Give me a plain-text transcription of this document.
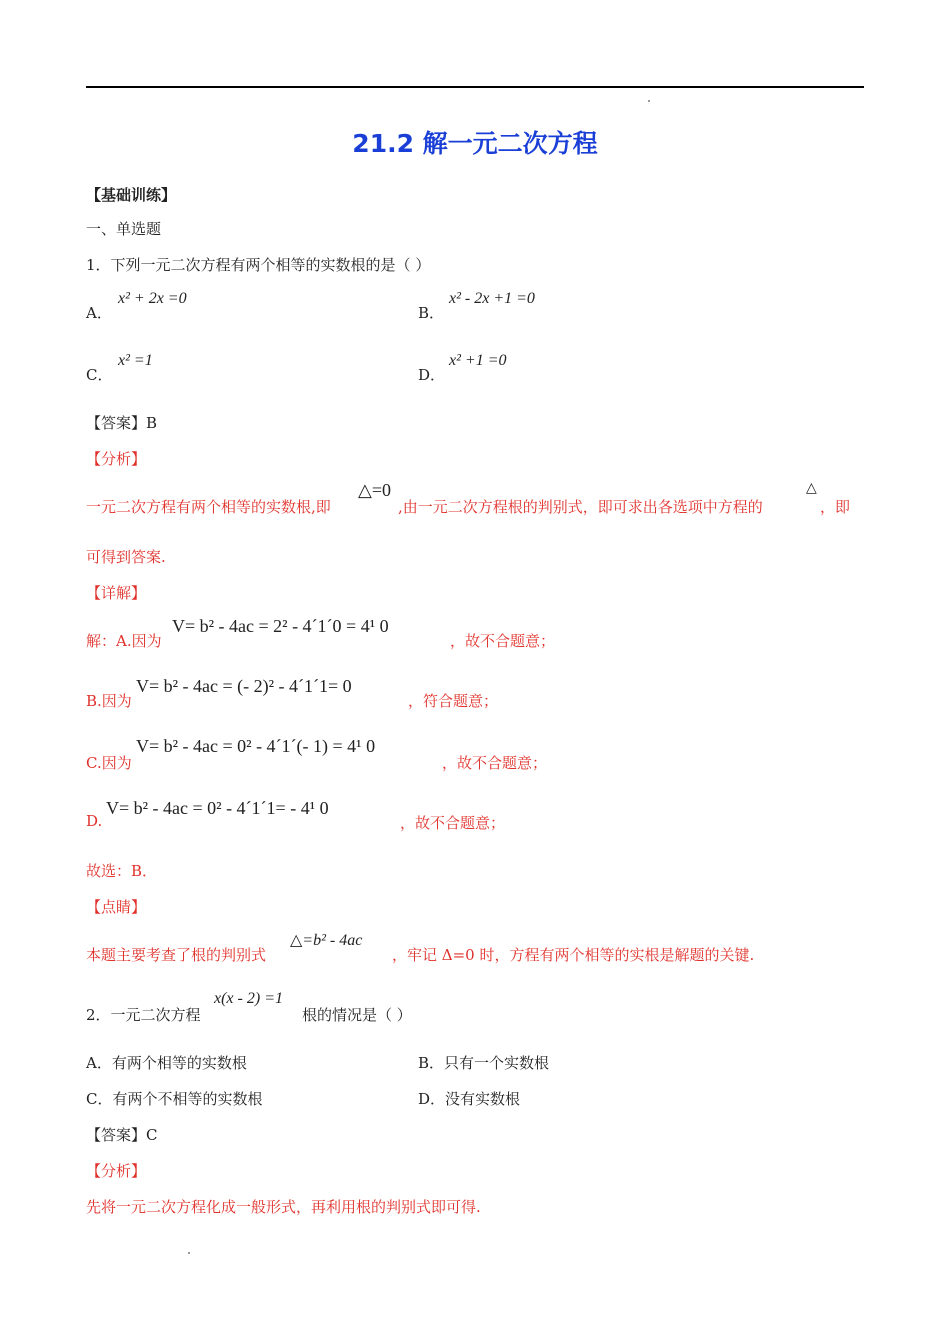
21.2 解一元二次方程
【基础训练】
一、单选题
1．下列一元二次方程有两个相等的实数根的是（ ）
A．
x² + 2x =0
B．
x² - 2x +1 =0
C．
x² =1
D．
x² +1 =0
【答案】B
【分析】
一元二次方程有两个相等的实数根,即
△=0
,由一元二次方程根的判别式，即可求出各选项中方程的
△
，即
可得到答案.
【详解】
解：A.因为
V= b² - 4ac = 2² - 4´1´0 = 4¹ 0
，故不合题意；
B.因为
V= b² - 4ac = (- 2)² - 4´1´1= 0
，符合题意；
C.因为
V= b² - 4ac = 0² - 4´1´(- 1) = 4¹ 0
，故不合题意；
D.
V= b² - 4ac = 0² - 4´1´1= - 4¹ 0
，故不合题意；
故选：B．
【点睛】
本题主要考查了根的判别式
△=b² - 4ac
，牢记 Δ=0 时，方程有两个相等的实根是解题的关键.
2．一元二次方程
x(x - 2) =1
根的情况是（ ）
A．有两个相等的实数根	B．只有一个实数根
C．有两个不相等的实数根	D．没有实数根
【答案】C
【分析】
先将一元二次方程化成一般形式，再利用根的判别式即可得.
